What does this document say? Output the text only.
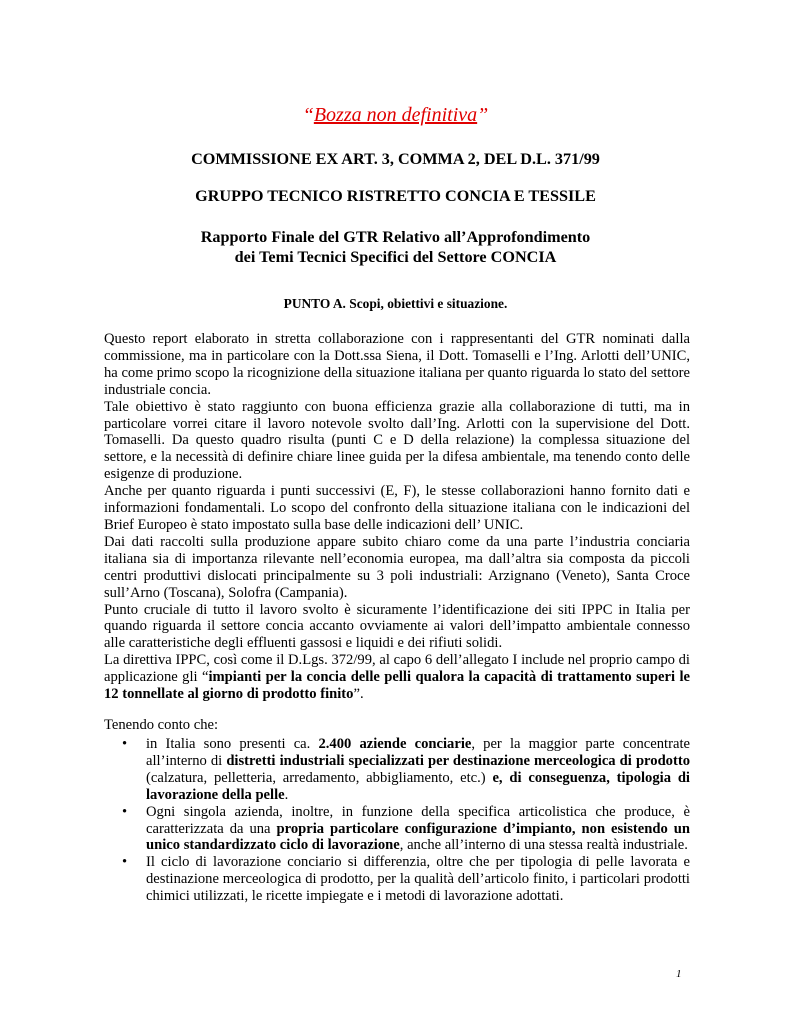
“Bozza non definitiva”
COMMISSIONE EX ART. 3, COMMA 2, DEL D.L. 371/99
GRUPPO TECNICO RISTRETTO CONCIA E TESSILE
Rapporto Finale del GTR Relativo all’Approfondimento
dei Temi Tecnici Specifici del Settore CONCIA
PUNTO A. Scopi, obiettivi e situazione.

Questo report elaborato in stretta collaborazione con i rappresentanti del GTR nominati dalla commissione, ma in particolare con la Dott.ssa Siena, il Dott. Tomaselli e l’Ing. Arlotti dell’UNIC, ha come primo scopo la ricognizione della situazione italiana per quanto riguarda lo stato del settore industriale concia.

Tale obiettivo è stato raggiunto con buona efficienza grazie alla collaborazione di tutti, ma in particolare vorrei citare il lavoro notevole svolto dall’Ing. Arlotti con la supervisione del Dott. Tomaselli. Da questo quadro risulta (punti C e D della relazione) la complessa situazione del settore, e la necessità di definire chiare linee guida per la difesa ambientale, ma tenendo conto delle esigenze di produzione.

Anche per quanto riguarda i punti successivi (E, F), le stesse collaborazioni hanno fornito dati e informazioni fondamentali. Lo scopo del confronto della situazione italiana con le indicazioni del Brief Europeo è stato impostato sulla base delle indicazioni dell’ UNIC.

Dai dati raccolti sulla produzione appare subito chiaro come da una parte l’industria conciaria italiana sia di importanza rilevante nell’economia europea, ma dall’altra sia composta da piccoli centri produttivi dislocati principalmente su 3 poli industriali: Arzignano (Veneto), Santa Croce sull’Arno (Toscana), Solofra (Campania).

Punto cruciale di tutto il lavoro svolto è sicuramente l’identificazione dei siti IPPC in Italia per quando riguarda il settore concia accanto ovviamente ai valori dell’impatto ambientale connesso alle caratteristiche degli effluenti gassosi e liquidi e dei rifiuti solidi.

La direttiva IPPC, così come il D.Lgs. 372/99, al capo 6 dell’allegato I include nel proprio campo di applicazione gli “impianti per la concia delle pelli qualora la capacità di trattamento superi le 12 tonnellate al giorno di prodotto finito”.

Tenendo conto che:
• in Italia sono presenti ca. 2.400 aziende conciarie, per la maggior parte concentrate all’interno di distretti industriali specializzati per destinazione merceologica di prodotto (calzatura, pelletteria, arredamento, abbigliamento, etc.) e, di conseguenza, tipologia di lavorazione della pelle.
• Ogni singola azienda, inoltre, in funzione della specifica articolistica che produce, è caratterizzata da una propria particolare configurazione d’impianto, non esistendo un unico standardizzato ciclo di lavorazione, anche all’interno di una stessa realtà industriale.
• Il ciclo di lavorazione conciario si differenzia, oltre che per tipologia di pelle lavorata e destinazione merceologica di prodotto, per la qualità dell’articolo finito, i particolari prodotti chimici utilizzati, le ricette impiegate e i metodi di lavorazione adottati.
1
